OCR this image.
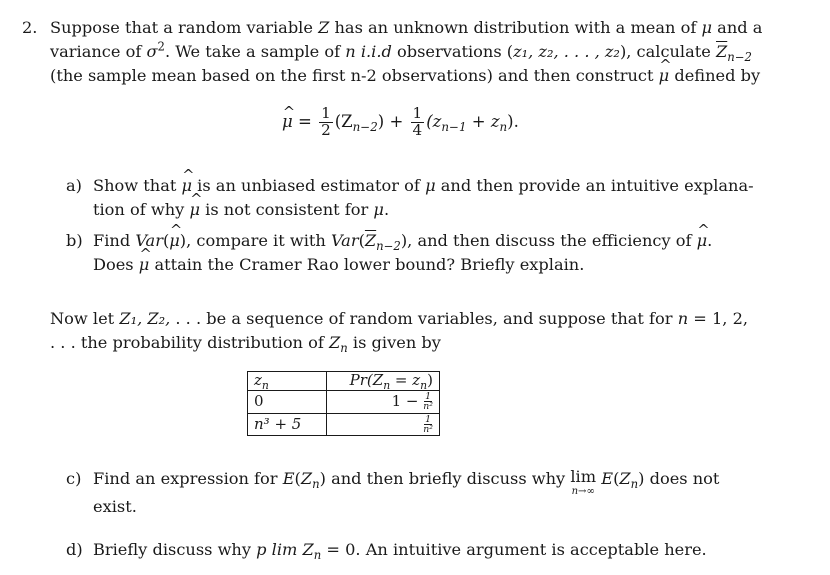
2. Suppose that a random variable Z has an unknown distribution with a mean of μ and a
variance of $\sigma^2$. We take a sample of n i.i.d observations (z₁, z₂, . . . , z₂), calculate $\overline{Z}_{n-2}$
(the sample mean based on the first n-2 observations) and then construct ^ μ defined by
^ $\mu = \frac{1}{2} (Z_{n-2}) + \frac{1}{4} (z_{n-1} + z_n)$.
a) Show that ^ μ is an unbiased estimator of μ and then provide an intuitive explana-
tion of why ^ μ is not consistent for μ.
b) Find Var(^ μ), compare it with $Var(\overline{Z}_{n-2})$, and then discuss the efficiency of ^ μ.
Does ^ μ attain the Cramer Rao lower bound? Briefly explain.
Now let Z₁, Z₂, . . . be a sequence of random variables, and suppose that for n = 1, 2,
. . . the probability distribution of $Z_n$ is given by
$z_n$	$Pr(Z_n = z_n)$
0	$1 - \frac{1}{\text{n²}}$

n³ + 5	$\frac{1}{\text{n²}}$
c) Find an expression for $E(Z_n)$ and then briefly discuss why lim
n→∞
$E(Z_n)$ does not
exist.
d) Briefly discuss why p $\lim Z_n = 0$. An intuitive argument is acceptable here.
